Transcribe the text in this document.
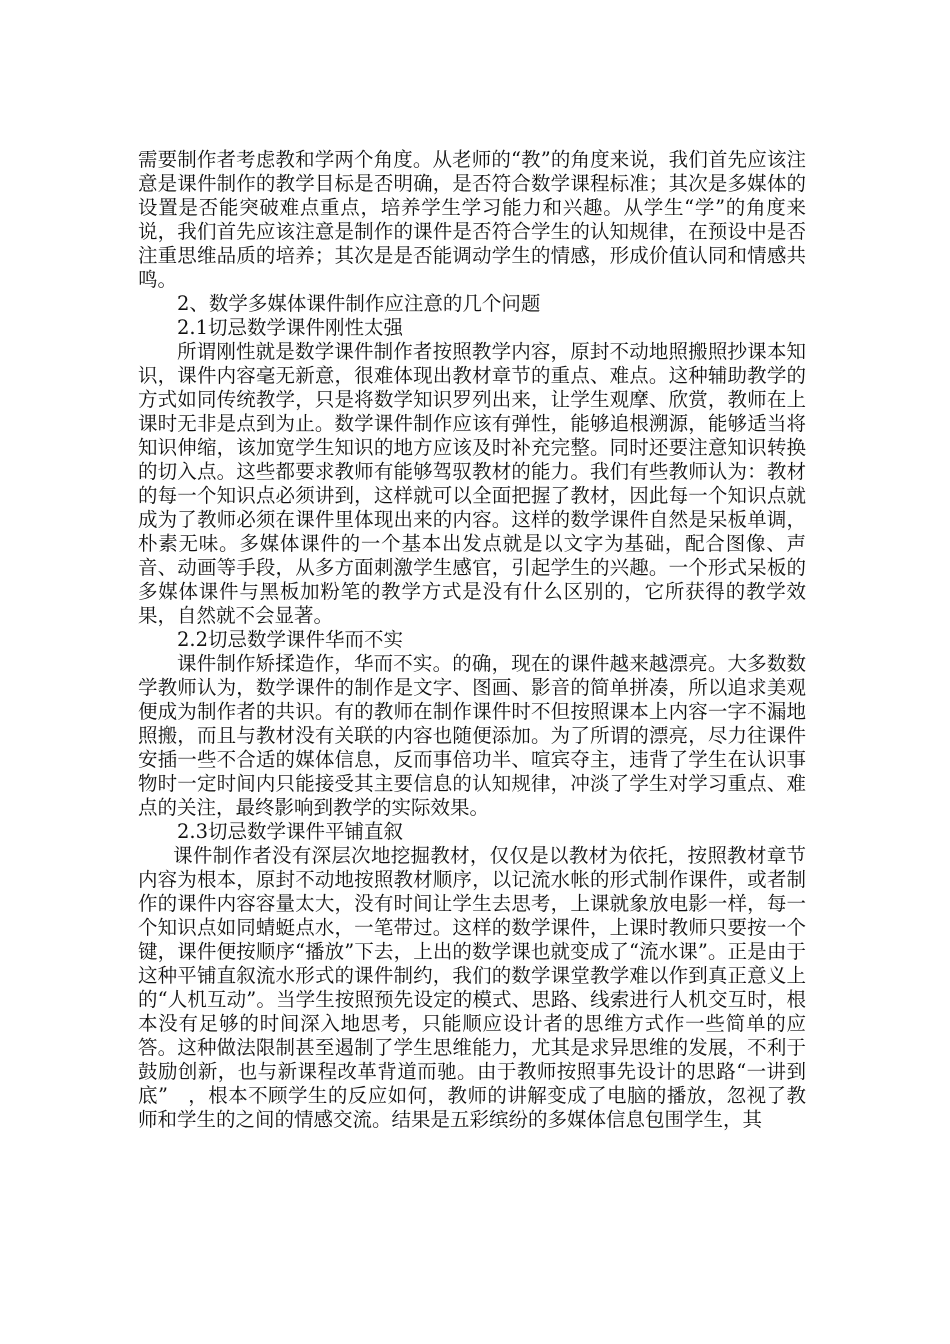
需要制作者考虑教和学两个角度。从老师的“教”的角度来说，我们首先应该注意是课件制作的教学目标是否明确，是否符合数学课程标准；其次是多媒体的设置是否能突破难点重点，培养学生学习能力和兴趣。从学生“学”的角度来说，我们首先应该注意是制作的课件是否符合学生的认知规律，在预设中是否注重思维品质的培养；其次是是否能调动学生的情感，形成价值认同和情感共鸣。

2、数学多媒体课件制作应注意的几个问题

2.1切忌数学课件刚性太强

所谓刚性就是数学课件制作者按照教学内容，原封不动地照搬照抄课本知识，课件内容毫无新意，很难体现出教材章节的重点、难点。这种辅助教学的方式如同传统教学，只是将数学知识罗列出来，让学生观摩、欣赏，教师在上课时无非是点到为止。数学课件制作应该有弹性，能够追根溯源，能够适当将知识伸缩，该加宽学生知识的地方应该及时补充完整。同时还要注意知识转换的切入点。这些都要求教师有能够驾驭教材的能力。我们有些教师认为：教材的每一个知识点必须讲到，这样就可以全面把握了教材，因此每一个知识点就成为了教师必须在课件里体现出来的内容。这样的数学课件自然是呆板单调，朴素无味。多媒体课件的一个基本出发点就是以文字为基础，配合图像、声音、动画等手段，从多方面刺激学生感官，引起学生的兴趣。一个形式呆板的多媒体课件与黑板加粉笔的教学方式是没有什么区别的，它所获得的教学效果，自然就不会显著。

2.2切忌数学课件华而不实

课件制作矫揉造作，华而不实。的确，现在的课件越来越漂亮。大多数数学教师认为，数学课件的制作是文字、图画、影音的简单拼凑，所以追求美观便成为制作者的共识。有的教师在制作课件时不但按照课本上内容一字不漏地照搬，而且与教材没有关联的内容也随便添加。为了所谓的漂亮，尽力往课件安插一些不合适的媒体信息，反而事倍功半、喧宾夺主，违背了学生在认识事物时一定时间内只能接受其主要信息的认知规律，冲淡了学生对学习重点、难点的关注，最终影响到教学的实际效果。

2.3切忌数学课件平铺直叙

课件制作者没有深层次地挖掘教材，仅仅是以教材为依托，按照教材章节内容为根本，原封不动地按照教材顺序，以记流水帐的形式制作课件，或者制作的课件内容容量太大，没有时间让学生去思考，上课就象放电影一样，每一个知识点如同蜻蜓点水，一笔带过。这样的数学课件，上课时教师只要按一个键，课件便按顺序“播放”下去，上出的数学课也就变成了“流水课”。正是由于这种平铺直叙流水形式的课件制约，我们的数学课堂教学难以作到真正意义上的“人机互动”。当学生按照预先设定的模式、思路、线索进行人机交互时，根本没有足够的时间深入地思考，只能顺应设计者的思维方式作一些简单的应答。这种做法限制甚至遏制了学生思维能力，尤其是求异思维的发展，不利于鼓励创新，也与新课程改革背道而驰。由于教师按照事先设计的思路“一讲到底”　，根本不顾学生的反应如何，教师的讲解变成了电脑的播放，忽视了教师和学生的之间的情感交流。结果是五彩缤纷的多媒体信息包围学生，其
